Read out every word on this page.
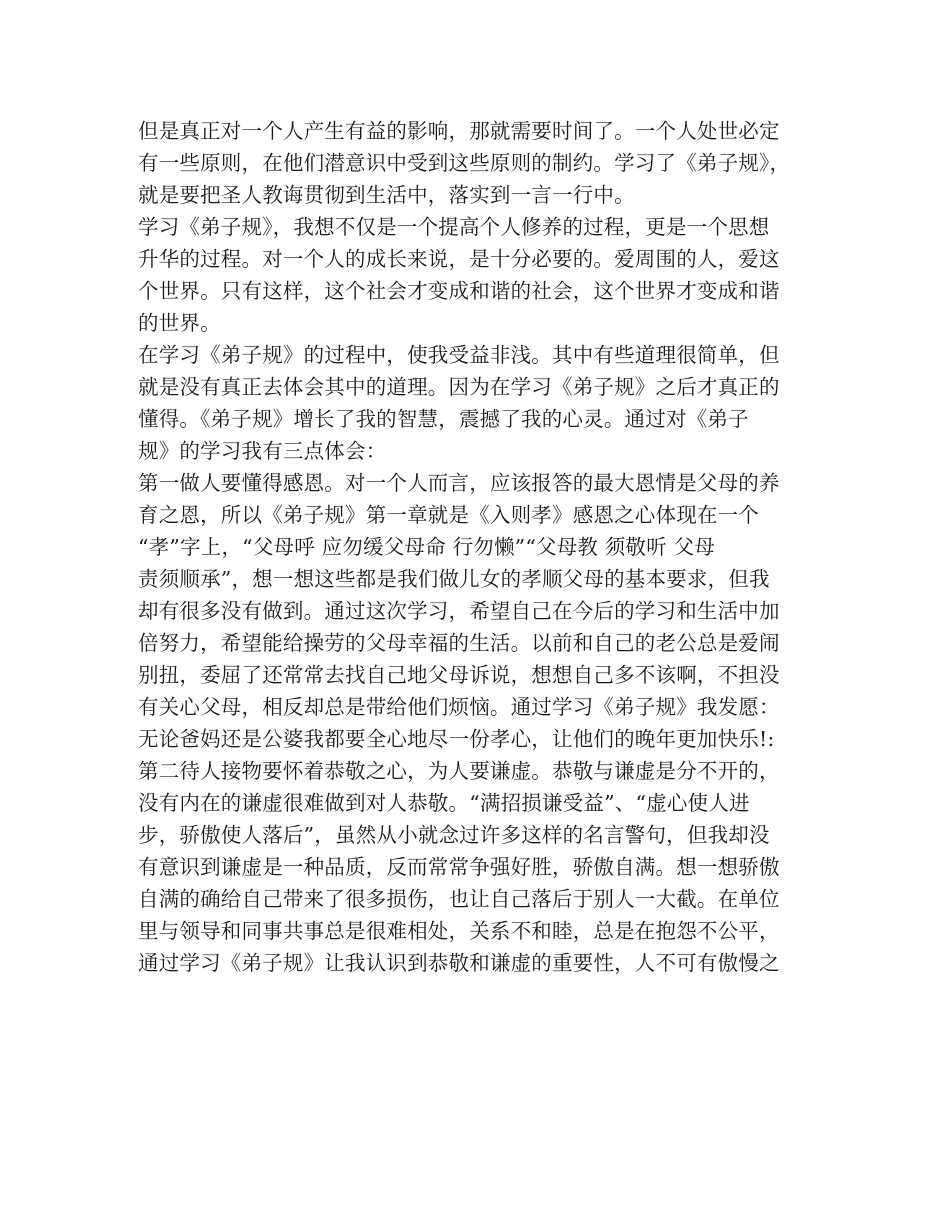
但是真正对一个人产生有益的影响，那就需要时间了。一个人处世必定
有一些原则，在他们潜意识中受到这些原则的制约。学习了《弟子规》，
就是要把圣人教诲贯彻到生活中，落实到一言一行中。
学习《弟子规》，我想不仅是一个提高个人修养的过程，更是一个思想
升华的过程。对一个人的成长来说，是十分必要的。爱周围的人，爱这
个世界。只有这样，这个社会才变成和谐的社会，这个世界才变成和谐
的世界。
在学习《弟子规》的过程中，使我受益非浅。其中有些道理很简单，但
就是没有真正去体会其中的道理。因为在学习《弟子规》之后才真正的
懂得。《弟子规》增长了我的智慧，震撼了我的心灵。通过对《弟子
规》的学习我有三点体会：
第一做人要懂得感恩。对一个人而言，应该报答的最大恩情是父母的养
育之恩，所以《弟子规》第一章就是《入则孝》感恩之心体现在一个
“孝”字上，“父母呼 应勿缓父母命 行勿懒”“父母教 须敬听 父母
责须顺承”，想一想这些都是我们做儿女的孝顺父母的基本要求，但我
却有很多没有做到。通过这次学习，希望自己在今后的学习和生活中加
倍努力，希望能给操劳的父母幸福的生活。以前和自己的老公总是爱闹
别扭，委屈了还常常去找自己地父母诉说，想想自己多不该啊，不担没
有关心父母，相反却总是带给他们烦恼。通过学习《弟子规》我发愿：
无论爸妈还是公婆我都要全心地尽一份孝心，让他们的晚年更加快乐!:
第二待人接物要怀着恭敬之心，为人要谦虚。恭敬与谦虚是分不开的，
没有内在的谦虚很难做到对人恭敬。“满招损谦受益”、“虚心使人进
步，骄傲使人落后”，虽然从小就念过许多这样的名言警句，但我却没
有意识到谦虚是一种品质，反而常常争强好胜，骄傲自满。想一想骄傲
自满的确给自己带来了很多损伤，也让自己落后于别人一大截。在单位
里与领导和同事共事总是很难相处，关系不和睦，总是在抱怨不公平，
通过学习《弟子规》让我认识到恭敬和谦虚的重要性，人不可有傲慢之
